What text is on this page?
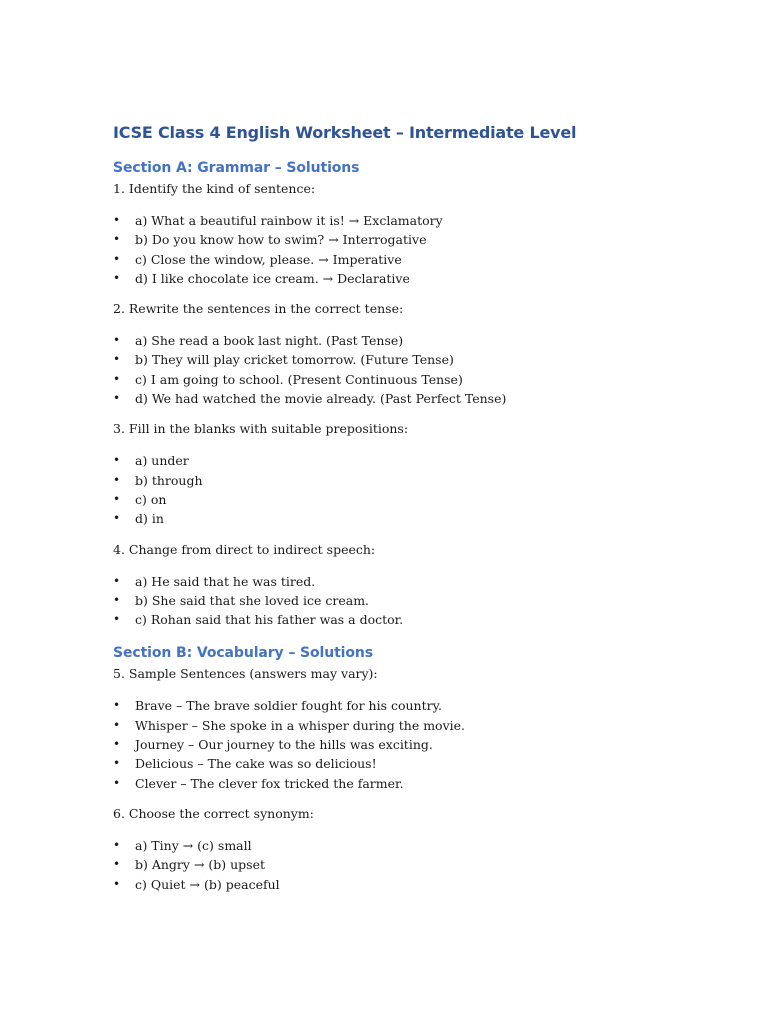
ICSE Class 4 English Worksheet – Intermediate Level
Section A: Grammar – Solutions

1. Identify the kind of sentence:

• a) What a beautiful rainbow it is! → Exclamatory
• b) Do you know how to swim? → Interrogative
• c) Close the window, please. → Imperative
• d) I like chocolate ice cream. → Declarative

2. Rewrite the sentences in the correct tense:

• a) She read a book last night. (Past Tense)
• b) They will play cricket tomorrow. (Future Tense)
• c) I am going to school. (Present Continuous Tense)
• d) We had watched the movie already. (Past Perfect Tense)

3. Fill in the blanks with suitable prepositions:

• a) under
• b) through
• c) on
• d) in

4. Change from direct to indirect speech:

• a) He said that he was tired.
• b) She said that she loved ice cream.
• c) Rohan said that his father was a doctor.
Section B: Vocabulary – Solutions

5. Sample Sentences (answers may vary):

• Brave – The brave soldier fought for his country.
• Whisper – She spoke in a whisper during the movie.
• Journey – Our journey to the hills was exciting.
• Delicious – The cake was so delicious!
• Clever – The clever fox tricked the farmer.

6. Choose the correct synonym:

• a) Tiny → (c) small
• b) Angry → (b) upset
• c) Quiet → (b) peaceful
